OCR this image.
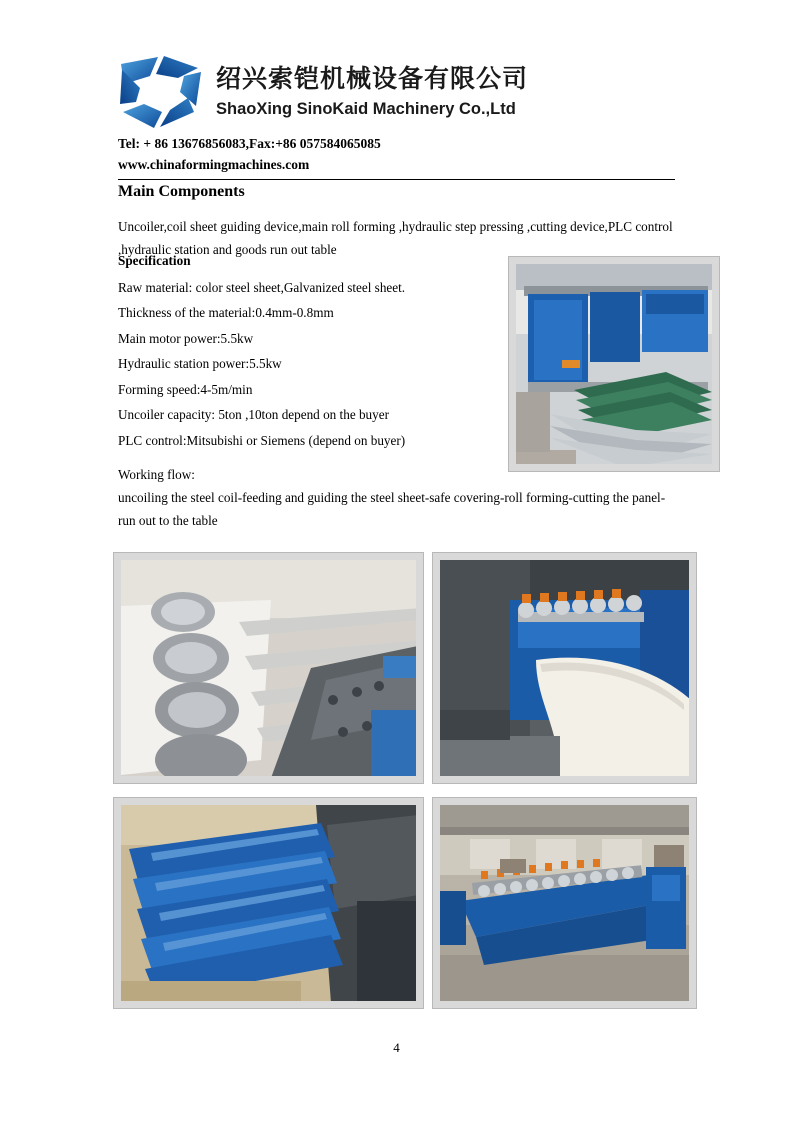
绍兴索铠机械设备有限公司
ShaoXing SinoKaid Machinery Co.,Ltd
Tel: + 86 13676856083,Fax:+86 057584065085
www.chinaformingmachines.com
Main Components
Uncoiler,coil sheet guiding device,main roll forming ,hydraulic step pressing ,cutting device,PLC control ,hydraulic station and goods run out table
Specification
Raw material: color steel sheet,Galvanized steel sheet.
Thickness of the material:0.4mm-0.8mm
Main motor power:5.5kw
Hydraulic station power:5.5kw
Forming speed:4-5m/min
Uncoiler capacity: 5ton ,10ton depend on the buyer
PLC control:Mitsubishi or Siemens (depend on buyer)
Working flow:
uncoiling the steel coil-feeding and guiding the steel sheet-safe covering-roll forming-cutting the panel-run out to the table
4
